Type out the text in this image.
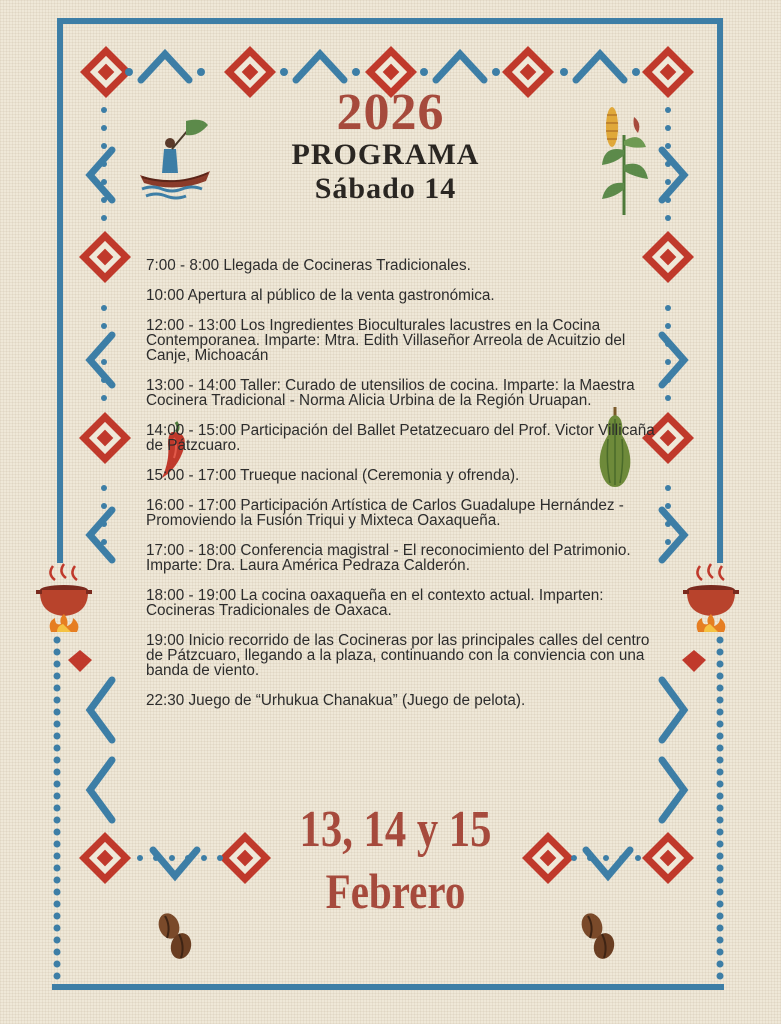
2026
PROGRAMA
Sábado 14
7:00 - 8:00 Llegada de Cocineras Tradicionales.
10:00 Apertura al público de la venta gastronómica.
12:00 - 13:00 Los Ingredientes Bioculturales lacustres en la Cocina Contemporanea. Imparte: Mtra. Edith Villaseñor Arreola de Acuitzio del Canje, Michoacán
13:00 - 14:00 Taller: Curado de utensilios de cocina. Imparte: la Maestra Cocinera Tradicional - Norma Alicia Urbina de la Región Uruapan.
14:00 - 15:00 Participación del Ballet Petatzecuaro del Prof. Victor Villicaña de Pátzcuaro.
15:00 - 17:00 Trueque nacional (Ceremonia y ofrenda).
16:00 - 17:00 Participación Artística de Carlos Guadalupe Hernández - Promoviendo la Fusión Triqui y Mixteca Oaxaqueña.
17:00 - 18:00 Conferencia magistral - El reconocimiento del Patrimonio. Imparte: Dra. Laura América Pedraza Calderón.
18:00 - 19:00 La cocina oaxaqueña en el contexto actual. Imparten: Cocineras Tradicionales de Oaxaca.
19:00 Inicio recorrido de las Cocineras por las principales calles del centro de Pátzcuaro, llegando a la plaza, continuando con la conviencia con una banda de viento.
22:30 Juego de “Urhukua Chanakua” (Juego de pelota).
13, 14 y 15
Febrero
